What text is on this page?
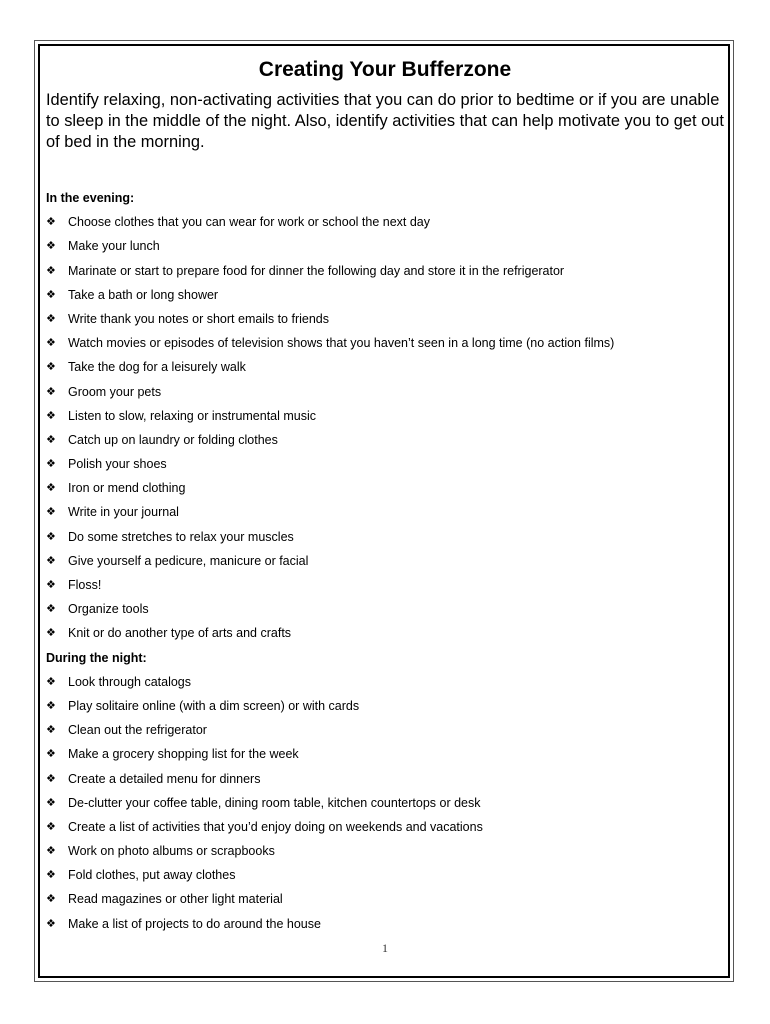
Creating Your Bufferzone

Identify relaxing, non-activating activities that you can do prior to bedtime or if you are unable to sleep in the middle of the night. Also, identify activities that can help motivate you to get out of bed in the morning.

In the evening:
❖ Choose clothes that you can wear for work or school the next day
❖ Make your lunch
❖ Marinate or start to prepare food for dinner the following day and store it in the refrigerator
❖ Take a bath or long shower
❖ Write thank you notes or short emails to friends
❖ Watch movies or episodes of television shows that you haven’t seen in a long time (no action films)
❖ Take the dog for a leisurely walk
❖ Groom your pets
❖ Listen to slow, relaxing or instrumental music
❖ Catch up on laundry or folding clothes
❖ Polish your shoes
❖ Iron or mend clothing
❖ Write in your journal
❖ Do some stretches to relax your muscles
❖ Give yourself a pedicure, manicure or facial
❖ Floss!
❖ Organize tools
❖ Knit or do another type of arts and crafts
During the night:
❖ Look through catalogs
❖ Play solitaire online (with a dim screen) or with cards
❖ Clean out the refrigerator
❖ Make a grocery shopping list for the week
❖ Create a detailed menu for dinners
❖ De-clutter your coffee table, dining room table, kitchen countertops or desk
❖ Create a list of activities that you’d enjoy doing on weekends and vacations
❖ Work on photo albums or scrapbooks
❖ Fold clothes, put away clothes
❖ Read magazines or other light material
❖ Make a list of projects to do around the house
1
